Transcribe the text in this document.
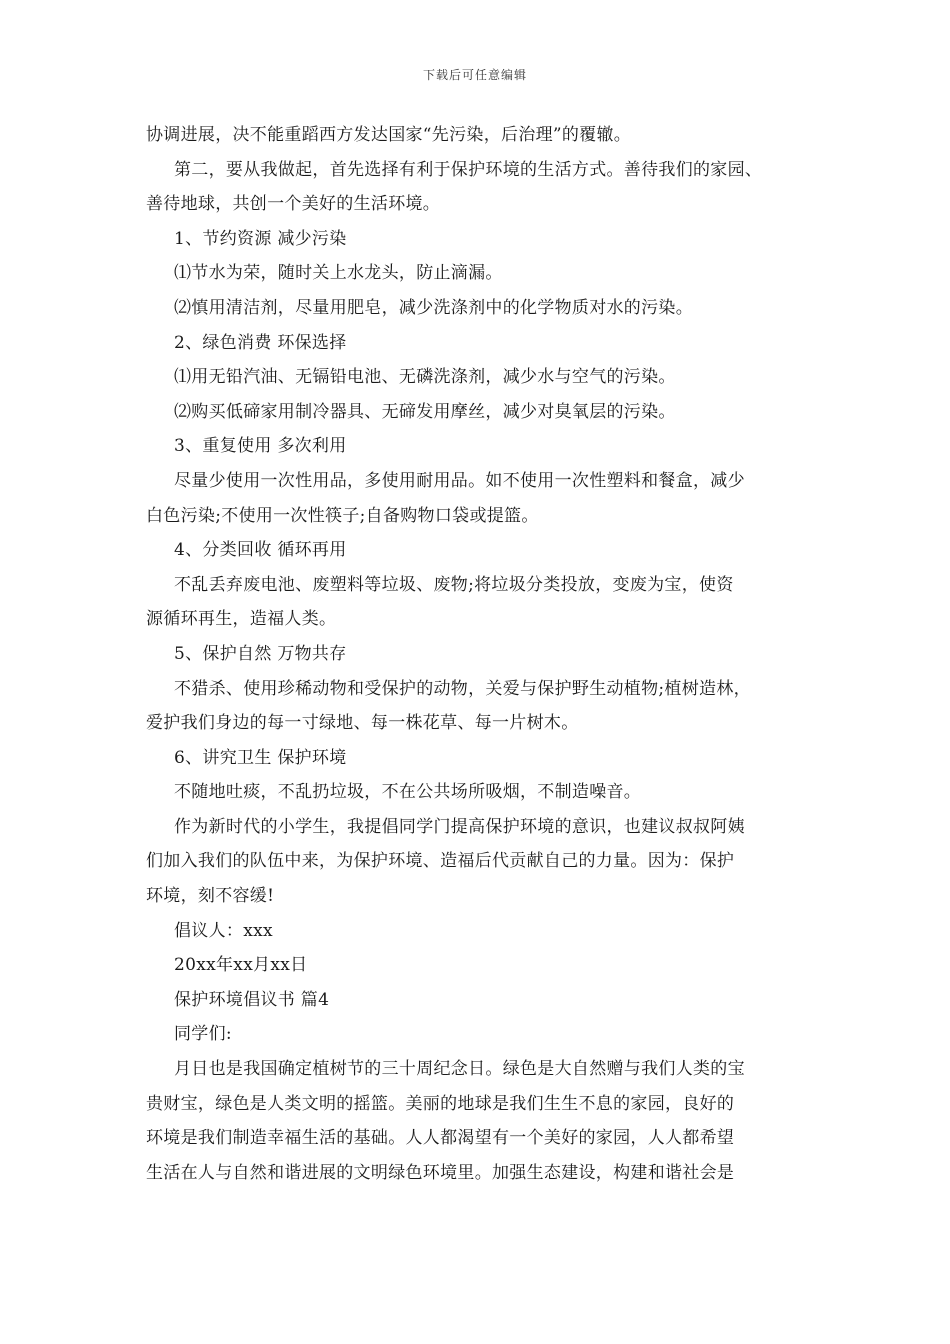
下载后可任意编辑
协调进展，决不能重蹈西方发达国家“先污染，后治理”的覆辙。
第二，要从我做起，首先选择有利于保护环境的生活方式。善待我们的家园、
善待地球，共创一个美好的生活环境。
1、节约资源 减少污染
⑴节水为荣，随时关上水龙头，防止滴漏。
⑵慎用清洁剂，尽量用肥皂，减少洗涤剂中的化学物质对水的污染。
2、绿色消费 环保选择
⑴用无铅汽油、无镉铅电池、无磷洗涤剂，减少水与空气的污染。
⑵购买低碲家用制冷器具、无碲发用摩丝，减少对臭氧层的污染。
3、重复使用 多次利用
尽量少使用一次性用品，多使用耐用品。如不使用一次性塑料和餐盒，减少
白色污染;不使用一次性筷子;自备购物口袋或提篮。
4、分类回收 循环再用
不乱丢弃废电池、废塑料等垃圾、废物;将垃圾分类投放，变废为宝，使资
源循环再生，造福人类。
5、保护自然 万物共存
不猎杀、使用珍稀动物和受保护的动物，关爱与保护野生动植物;植树造林，
爱护我们身边的每一寸绿地、每一株花草、每一片树木。
6、讲究卫生 保护环境
不随地吐痰，不乱扔垃圾，不在公共场所吸烟，不制造噪音。
作为新时代的小学生，我提倡同学门提高保护环境的意识，也建议叔叔阿姨
们加入我们的队伍中来，为保护环境、造福后代贡献自己的力量。因为：保护
环境，刻不容缓!
倡议人：xxx
20xx年xx月xx日
保护环境倡议书 篇4
同学们:
月日也是我国确定植树节的三十周纪念日。绿色是大自然赠与我们人类的宝
贵财宝，绿色是人类文明的摇篮。美丽的地球是我们生生不息的家园，良好的
环境是我们制造幸福生活的基础。人人都渴望有一个美好的家园，人人都希望
生活在人与自然和谐进展的文明绿色环境里。加强生态建设，构建和谐社会是
